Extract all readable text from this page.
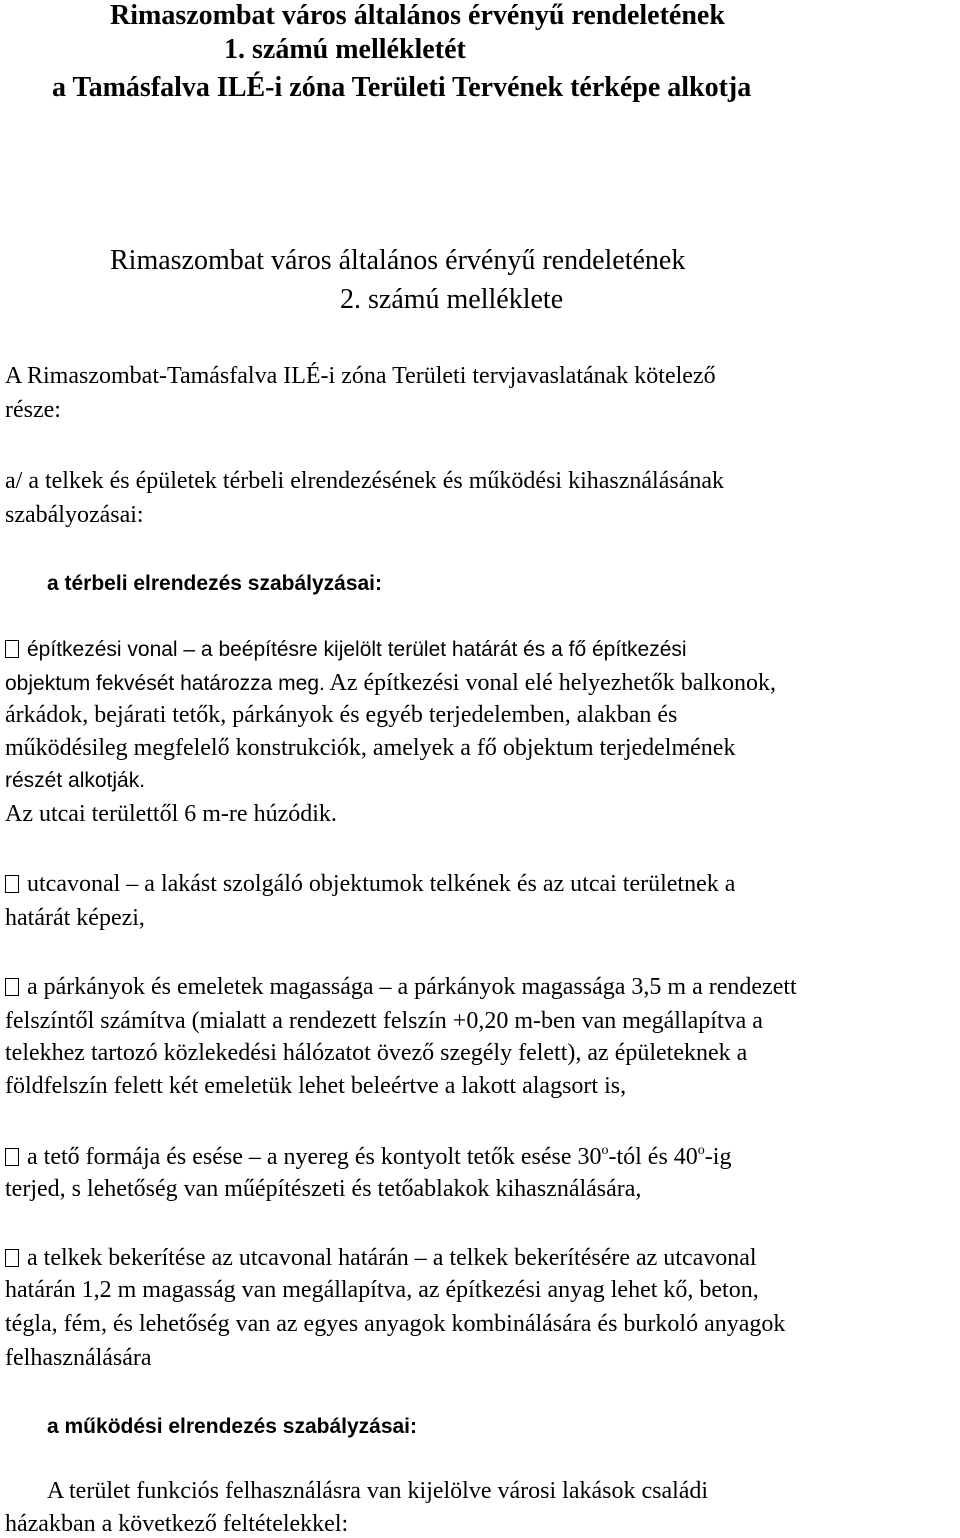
Rimaszombat város általános érvényű rendeletének
1. számú mellékletét
a Tamásfalva ILÉ-i zóna Területi Tervének térképe alkotja
Rimaszombat város általános érvényű rendeletének
2. számú melléklete
A Rimaszombat-Tamásfalva ILÉ-i zóna Területi tervjavaslatának kötelező
része:
a/ a telkek és épületek térbeli elrendezésének és működési kihasználásának
szabályozásai:
a térbeli elrendezés szabályzásai:
építkezési vonal – a beépítésre kijelölt terület határát és a fő építkezési
objektum fekvését határozza meg. Az építkezési vonal elé helyezhetők balkonok,
árkádok, bejárati tetők, párkányok és egyéb terjedelemben, alakban és
működésileg megfelelő konstrukciók, amelyek a fő objektum terjedelmének
részét alkotják.
Az utcai területtől 6 m-re húzódik.
utcavonal – a lakást szolgáló objektumok telkének és az utcai területnek a
határát képezi,
a párkányok és emeletek magassága – a párkányok magassága 3,5 m a rendezett
felszíntől számítva (mialatt a rendezett felszín +0,20 m-ben van megállapítva a
telekhez tartozó közlekedési hálózatot övező szegély felett), az épületeknek a
földfelszín felett két emeletük lehet beleértve a lakott alagsort is,
a tető formája és esése – a nyereg és kontyolt tetők esése 30$^o$-tól és 40$^o$-ig
terjed, s lehetőség van műépítészeti és tetőablakok kihasználására,
a telkek bekerítése az utcavonal határán – a telkek bekerítésére az utcavonal
határán 1,2 m magasság van megállapítva, az építkezési anyag lehet kő, beton,
tégla, fém, és lehetőség van az egyes anyagok kombinálására és burkoló anyagok
felhasználására
a működési elrendezés szabályzásai:
A terület funkciós felhasználásra van kijelölve városi lakások családi
házakban a következő feltételekkel:
